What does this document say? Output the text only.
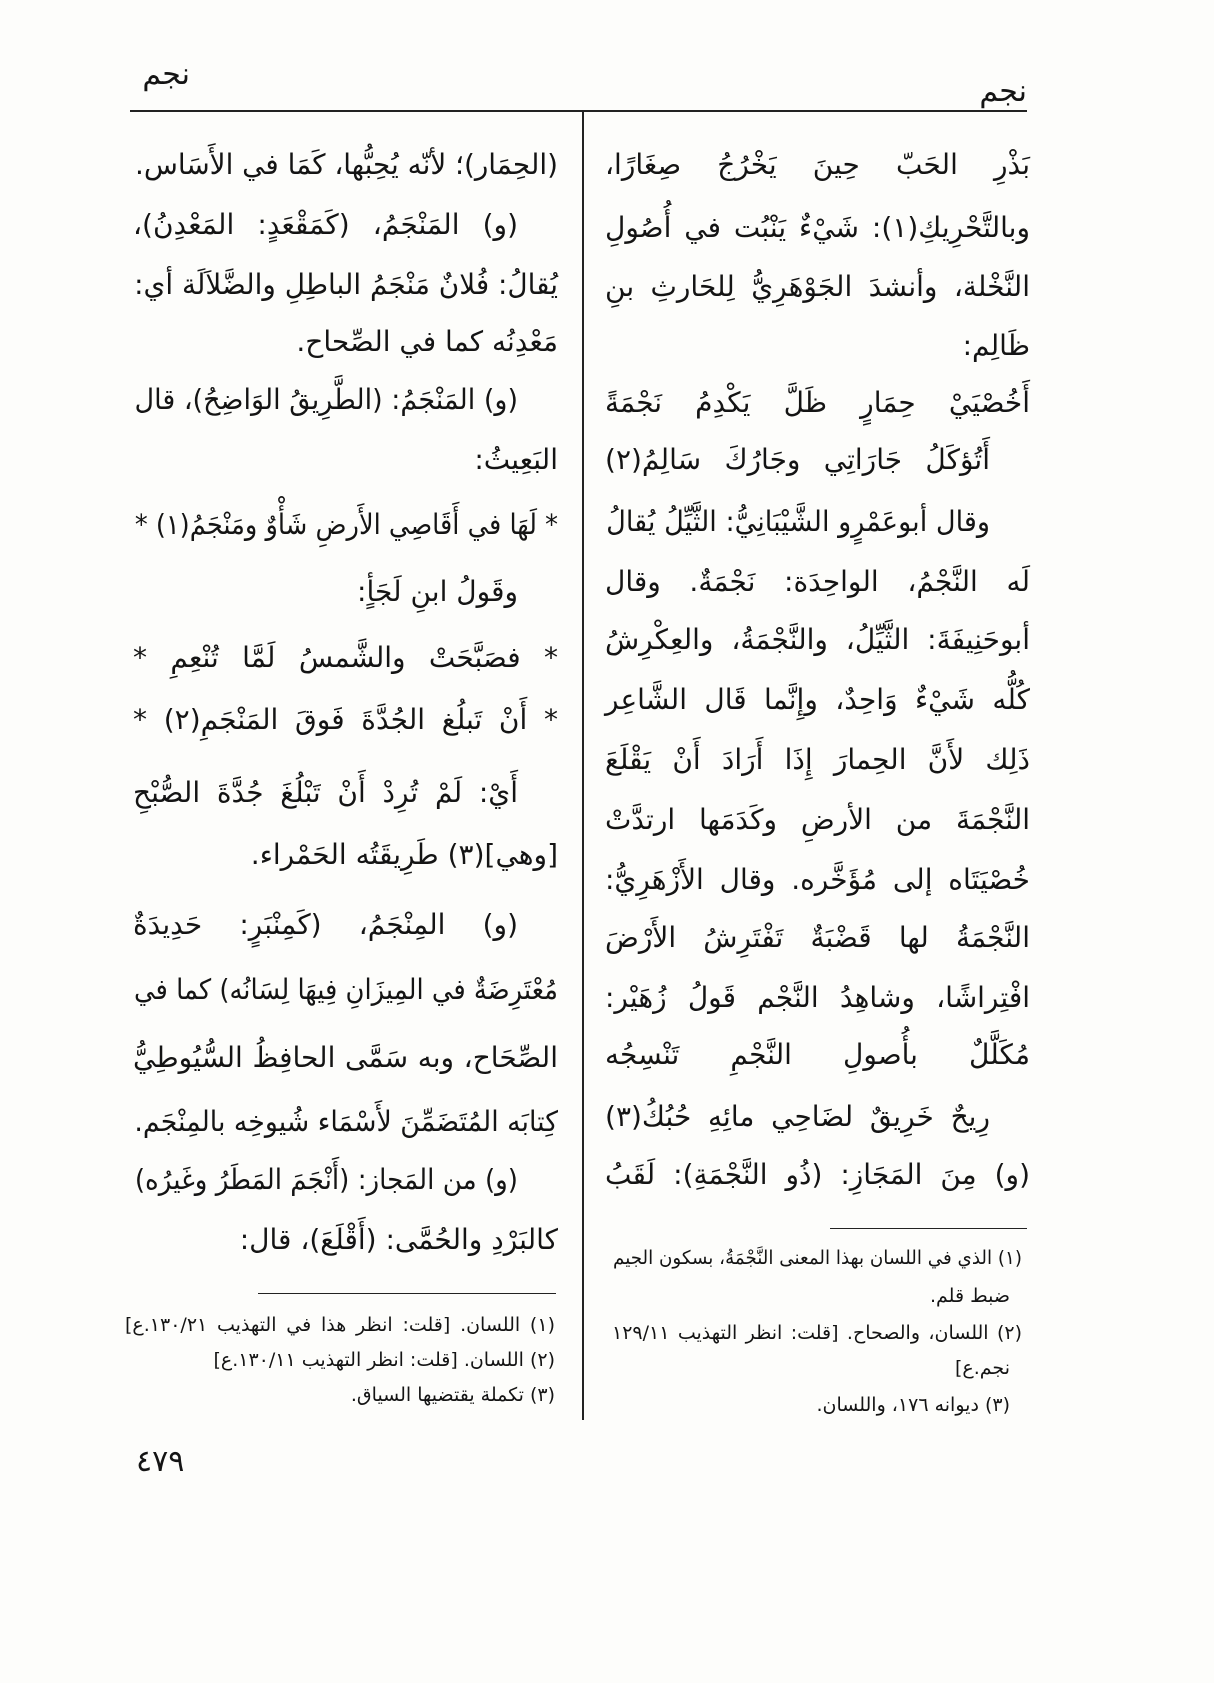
نجم	نجم
بَذْرِ الحَبّ حِينَ يَخْرُجُ صِغَارًا،
وبالتَّحْرِيكِ(١): شَيْءٌ يَنْبُت في أُصُولِ
النَّخْلة، وأنشدَ الجَوْهَرِيُّ لِلحَارثِ بنِ
ظَالِم:
أَخُصْيَيْ حِمَارٍ ظَلَّ يَكْدِمُ نَجْمَةً
أَتُؤكَلُ جَارَاتِي وجَارُكَ سَالِمُ(٢)
وقال أبوعَمْرٍو الشَّيْبَانِيُّ: الثَّيِّلُ يُقالُ
لَه النَّجْمُ، الواحِدَة: نَجْمَةٌ. وقال
أبوحَنِيفَةَ: الثَّيِّلُ، والنَّجْمَةُ، والعِكْرِشُ
كُلُّه شَيْءٌ وَاحِدٌ، وإِنَّما قَال الشَّاعِر
ذَلِك لأَنَّ الحِمارَ إِذَا أَرَادَ أَنْ يَقْلَعَ
النَّجْمَةَ من الأرضِ وكَدَمَها ارتدَّتْ
خُصْيَتَاه إلى مُؤَخَّره. وقال الأَزْهَرِيُّ:
النَّجْمَةُ لها قَضْبَةٌ تَفْتَرِشُ الأَرْضَ
افْتِراشًا، وشاهِدُ النَّجْم قَولُ زُهَيْر:
مُكَلَّلٌ بأُصولِ النَّجْمِ تَنْسِجُه
رِيحٌ خَرِيقٌ لضَاحِي مائِهِ حُبُكُ(٣)
(و) مِنَ المَجَازِ: (ذُو النَّجْمَةِ): لَقَبُ
(١) الذي في اللسان بهذا المعنى النَّجْمَةُ، بسكون الجيم
ضبط قلم.
(٢) اللسان، والصحاح. [قلت: انظر التهذيب ١٢٩/١١
نجم.ع]
(٣) ديوانه ١٧٦، واللسان.
(الحِمَار)؛ لأنّه يُحِبُّها، كَمَا في الأَسَاس.
(و) المَنْجَمُ، (كَمَقْعَدٍ: المَعْدِنُ)،
يُقالُ: فُلانٌ مَنْجَمُ الباطِلِ والضَّلاَلَة أي:
مَعْدِنُه كما في الصِّحاح.
(و) المَنْجَمُ: (الطَّرِيقُ الوَاضِحُ)، قال
البَعِيثُ:
* لَهَا في أَقَاصِي الأَرضِ شَأْوٌ ومَنْجَمُ(١) *
وقَولُ ابنِ لَجَأٍ:
* فصَبَّحَتْ والشَّمسُ لَمَّا تُنْعِمِ *
* أَنْ تَبلُغ الجُدَّةَ فَوقَ المَنْجَمِ(٢) *
أَيْ: لَمْ تُرِدْ أَنْ تَبْلُغَ جُدَّةَ الصُّبْحِ
[وهي](٣) طَرِيقَتُه الحَمْراء.
(و) المِنْجَمُ، (كَمِنْبَرٍ: حَدِيدَةٌ
مُعْتَرِضَةٌ في المِيزَانِ فِيهَا لِسَانُه) كما في
الصِّحَاح، وبه سَمَّى الحافِظُ السُّيُوطِيُّ
كِتابَه المُتَضَمِّنَ لأَسْمَاء شُيوخِه بالمِنْجَم.
(و) من المَجاز: (أَنْجَمَ المَطَرُ وغَيرُه)
كالبَرْدِ والحُمَّى: (أَقْلَعَ)، قال:
(١) اللسان. [قلت: انظر هذا في التهذيب ١٣٠/٢١.ع]
(٢) اللسان. [قلت: انظر التهذيب ١٣٠/١١.ع]
(٣) تكملة يقتضيها السياق.
٤٧٩
